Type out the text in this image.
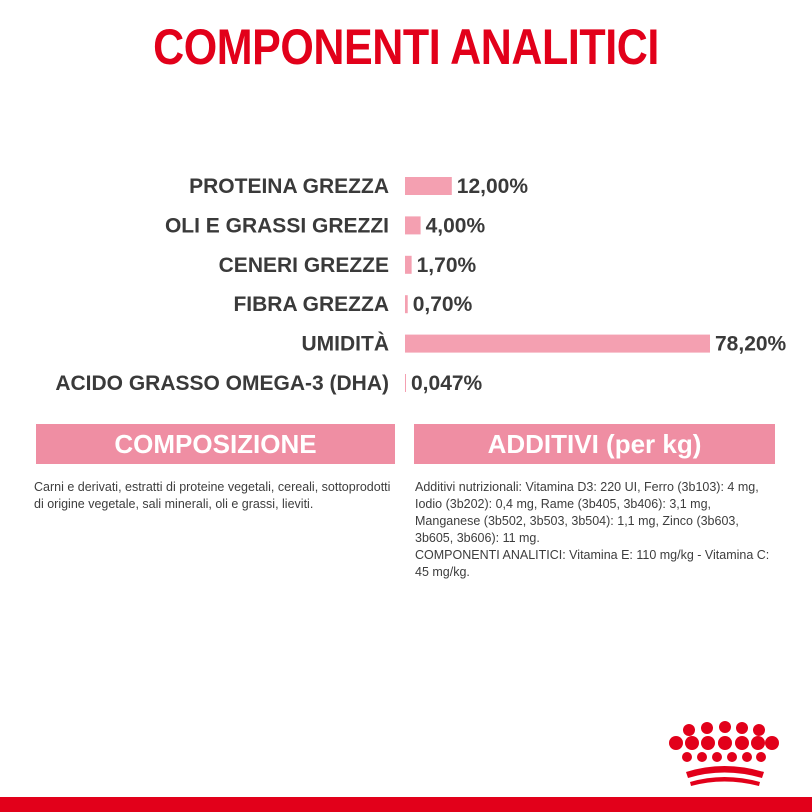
COMPONENTI ANALITICI
PROTEINA GREZZA	12,00%
OLI E GRASSI GREZZI 4,00%
CENERI GREZZE 1,70%
FIBRA GREZZA 0,70%
UMIDITÀ	78,20%
ACIDO GRASSO OMEGA-3 (DHA) 0,047%
COMPOSIZIONE	ADDITIVI (per kg)
Carni e derivati, estratti di proteine vegetali, cereali, sottoprodotti di origine vegetale, sali minerali, oli e grassi, lieviti.

Additivi nutrizionali: Vitamina D3: 220 UI, Ferro (3b103): 4 mg, Iodio (3b202): 0,4 mg, Rame (3b405, 3b406): 3,1 mg, Manganese (3b502, 3b503, 3b504): 1,1 mg, Zinco (3b603, 3b605, 3b606): 11 mg.

COMPONENTI ANALITICI: Vitamina E: 110 mg/kg - Vitamina C: 45 mg/kg.
